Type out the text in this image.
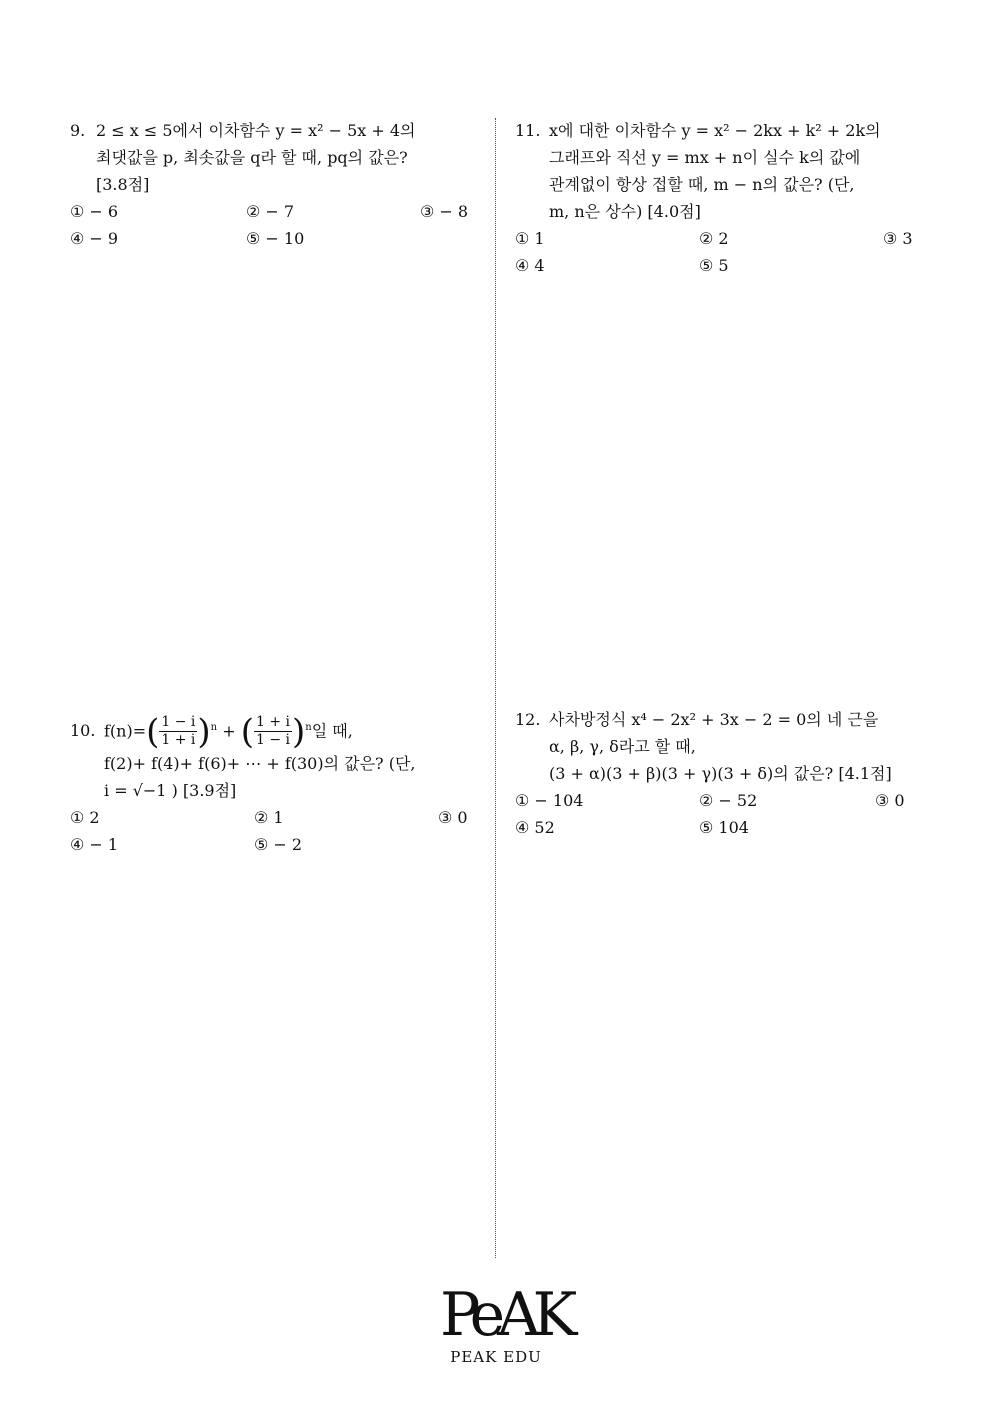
9. 2 ≤ x ≤ 5에서 이차함수 y = x² − 5x + 4의
최댓값을 p, 최솟값을 q라 할 때, pq의 값은?
[3.8점]
① − 6	② − 7	③ − 8
④ − 9	⑤ − 10
10. $f(n)=( \frac{1 - i}{1 + i} )^n$ + ( $\frac{1 + i}{1 - i} )^n$일 때,
f(2)+ f(4)+ f(6)+ ⋯ + f(30)의 값은? (단,
i = √−1 ) [3.9점]
① 2	② 1	③ 0
④ − 1	⑤ − 2
11. x에 대한 이차함수 y = x² − 2kx + k² + 2k의
그래프와 직선 y = mx + n이 실수 k의 값에
관계없이 항상 접할 때, m − n의 값은? (단,
m, n은 상수) [4.0점]
① 1	② 2	③ 3
④ 4	⑤ 5
12. 사차방정식 x⁴ − 2x² + 3x − 2 = 0의 네 근을
α, β, γ, δ라고 할 때,
(3 + α)(3 + β)(3 + γ)(3 + δ)의 값은? [4.1점]
① − 104	② − 52	③ 0
④ 52	⑤ 104
PeAK
PEAK EDU
